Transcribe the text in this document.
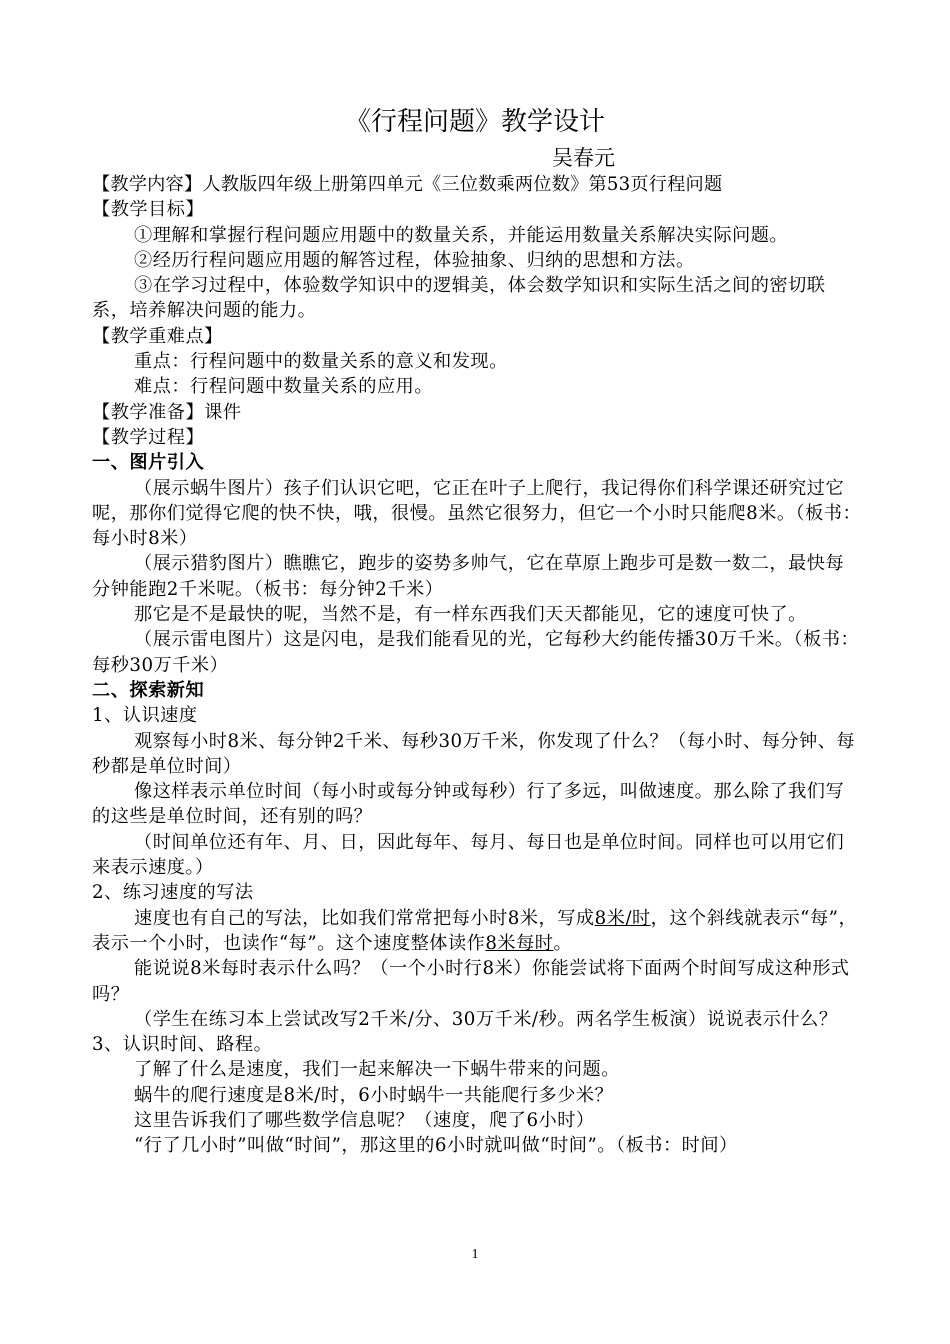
《行程问题》教学设计
吴春元

【教学内容】人教版四年级上册第四单元《三位数乘两位数》第53页行程问题

【教学目标】

①理解和掌握行程问题应用题中的数量关系，并能运用数量关系解决实际问题。

②经历行程问题应用题的解答过程，体验抽象、归纳的思想和方法。

③在学习过程中，体验数学知识中的逻辑美，体会数学知识和实际生活之间的密切联系，培养解决问题的能力。

【教学重难点】

重点：行程问题中的数量关系的意义和发现。

难点：行程问题中数量关系的应用。

【教学准备】课件

【教学过程】

一、图片引入

（展示蜗牛图片）孩子们认识它吧，它正在叶子上爬行，我记得你们科学课还研究过它呢，那你们觉得它爬的快不快，哦，很慢。虽然它很努力，但它一个小时只能爬8米。（板书：每小时8米）

（展示猎豹图片）瞧瞧它，跑步的姿势多帅气，它在草原上跑步可是数一数二，最快每分钟能跑2千米呢。（板书：每分钟2千米）

那它是不是最快的呢，当然不是，有一样东西我们天天都能见，它的速度可快了。

（展示雷电图片）这是闪电，是我们能看见的光，它每秒大约能传播30万千米。（板书：每秒30万千米）

二、探索新知

1、认识速度

观察每小时8米、每分钟2千米、每秒30万千米，你发现了什么？（每小时、每分钟、每秒都是单位时间）

像这样表示单位时间（每小时或每分钟或每秒）行了多远，叫做速度。那么除了我们写的这些是单位时间，还有别的吗？

（时间单位还有年、月、日，因此每年、每月、每日也是单位时间。同样也可以用它们来表示速度。）

2、练习速度的写法

速度也有自己的写法，比如我们常常把每小时8米，写成8米/时，这个斜线就表示“每”，表示一个小时，也读作“每”。这个速度整体读作8米每时。

能说说8米每时表示什么吗？（一个小时行8米）你能尝试将下面两个时间写成这种形式吗？

（学生在练习本上尝试改写2千米/分、30万千米/秒。两名学生板演）说说表示什么？

3、认识时间、路程。

了解了什么是速度，我们一起来解决一下蜗牛带来的问题。

蜗牛的爬行速度是8米/时，6小时蜗牛一共能爬行多少米？

这里告诉我们了哪些数学信息呢？（速度，爬了6小时）

“行了几小时”叫做“时间”，那这里的6小时就叫做“时间”。（板书：时间）

1
